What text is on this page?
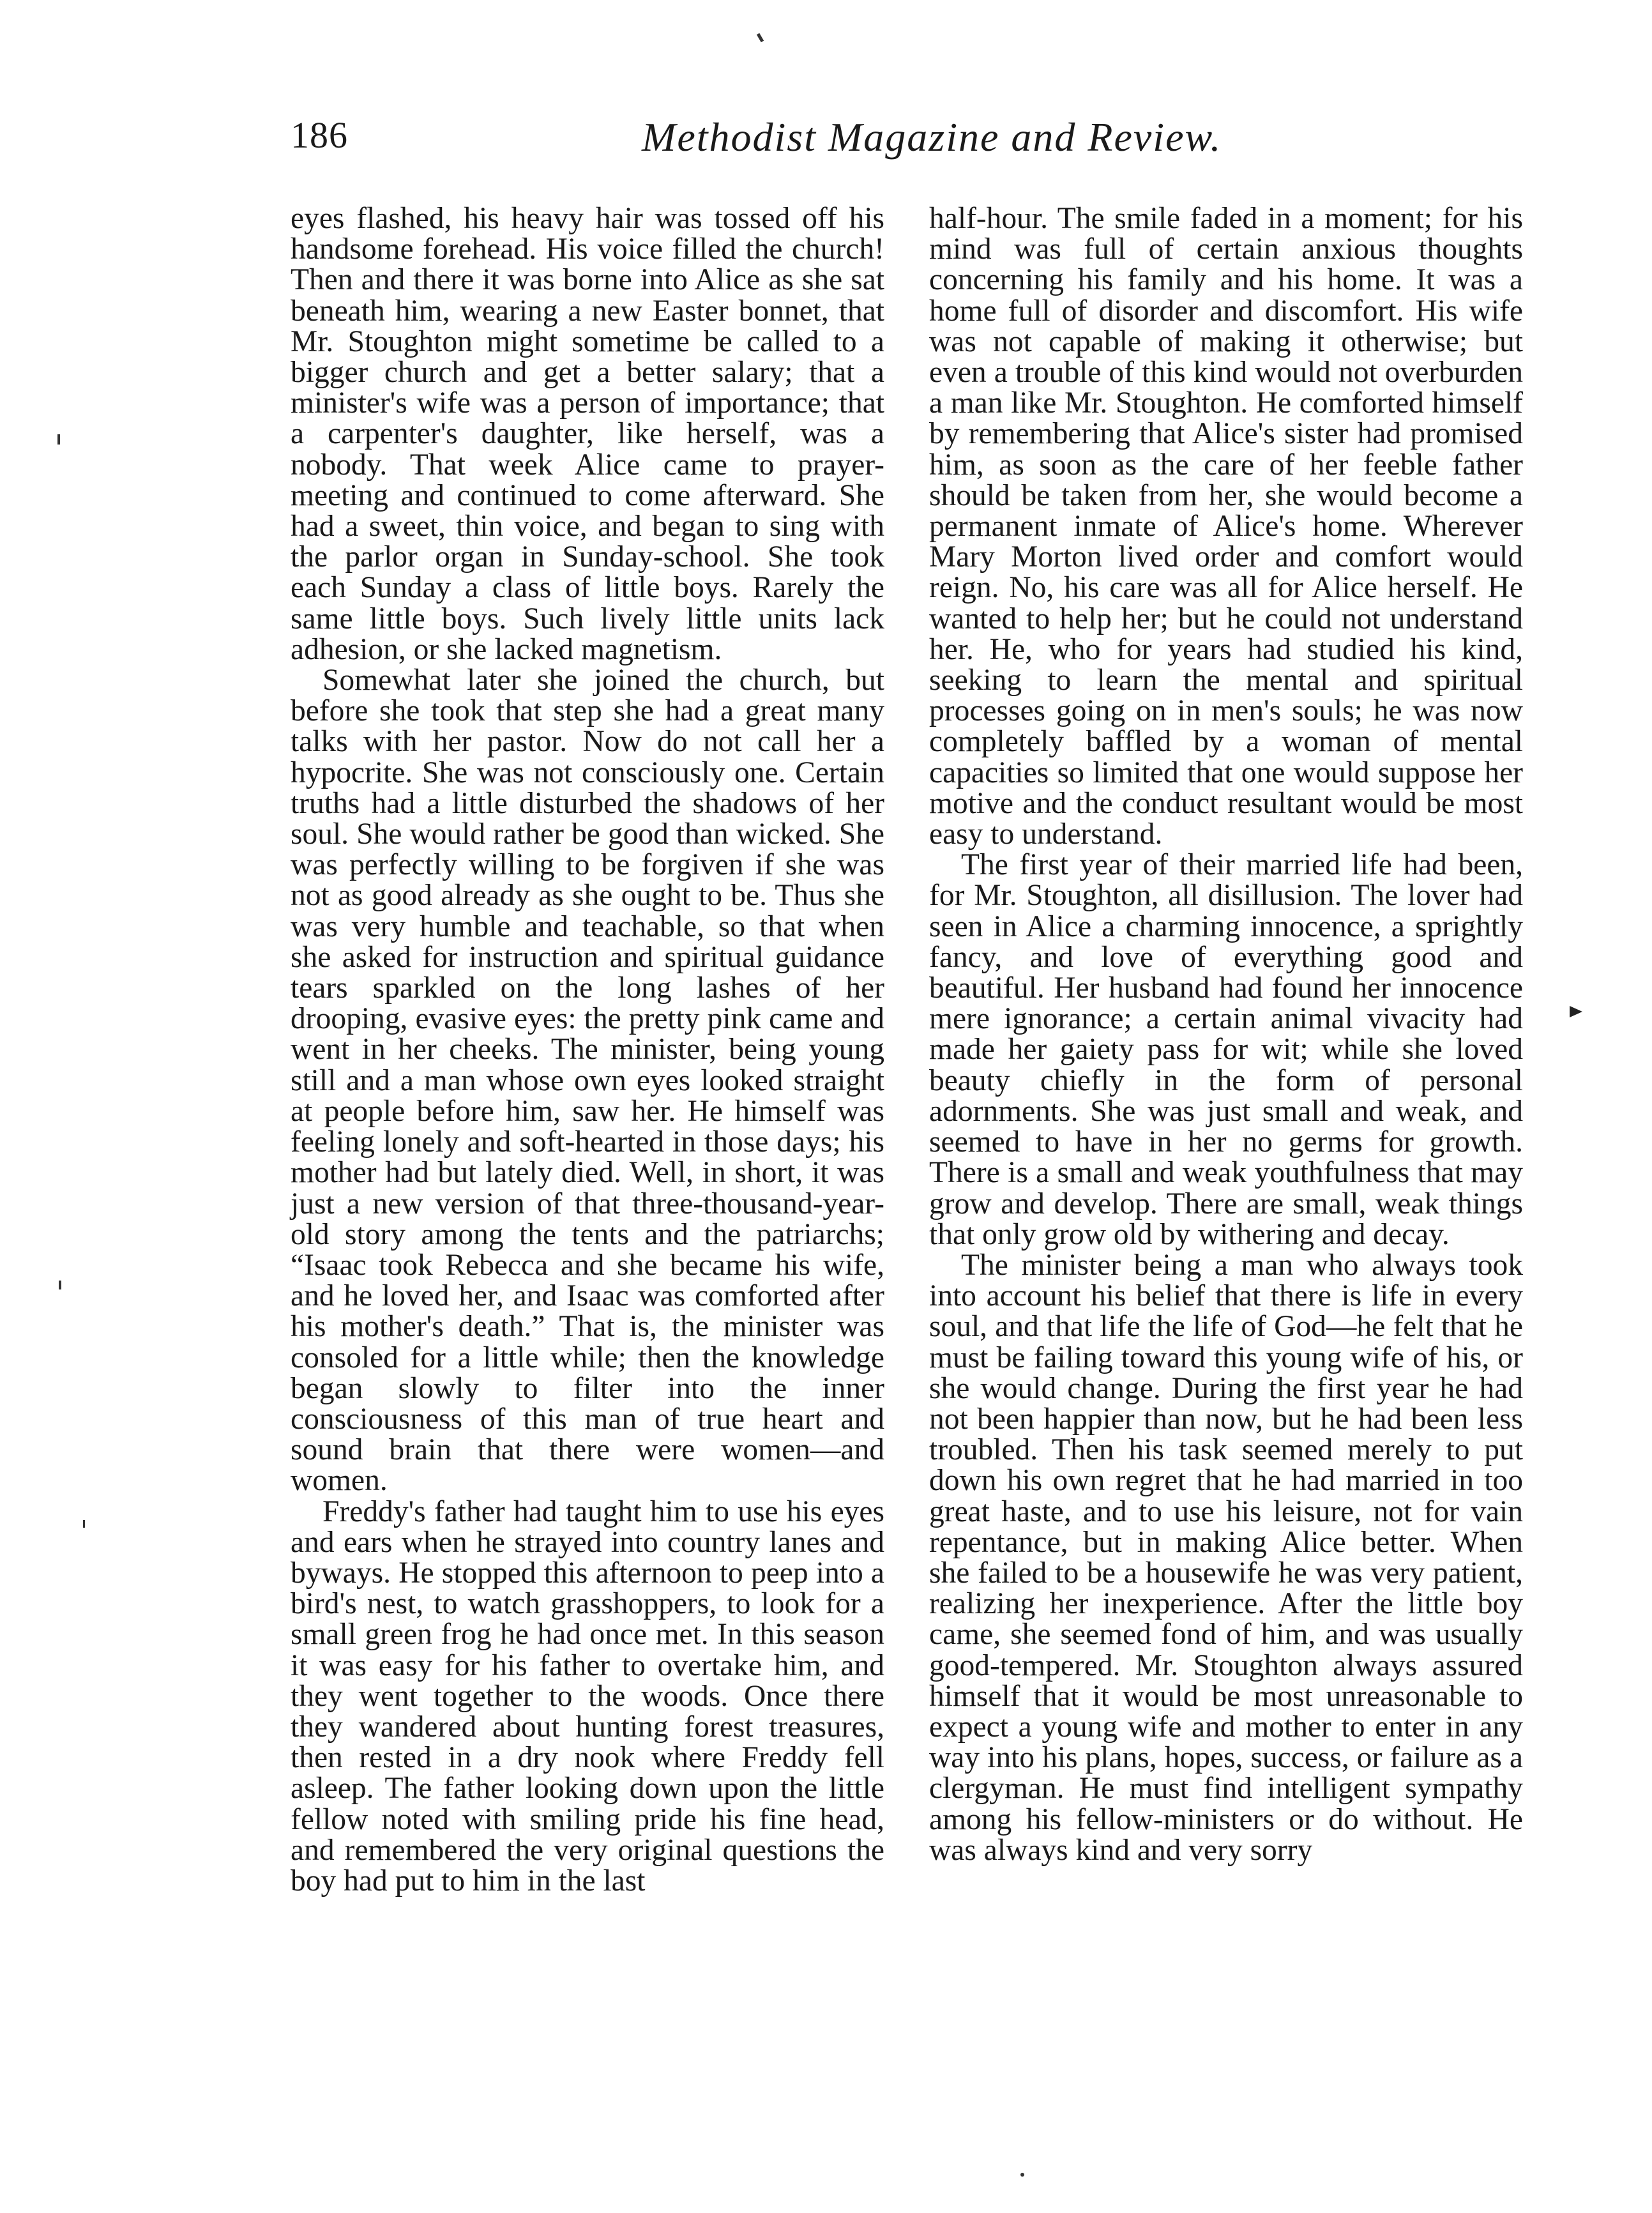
186	Methodist Magazine and Review.

eyes flashed, his heavy hair was tossed off his handsome forehead. His voice filled the church! Then and there it was borne into Alice as she sat beneath him, wearing a new Easter bonnet, that Mr. Stoughton might sometime be called to a bigger church and get a better salary; that a minister's wife was a person of importance; that a carpenter's daughter, like herself, was a nobody. That week Alice came to prayer-meeting and continued to come afterward. She had a sweet, thin voice, and began to sing with the parlor organ in Sunday-school. She took each Sunday a class of little boys. Rarely the same little boys. Such lively little units lack adhesion, or she lacked magnetism.

Somewhat later she joined the church, but before she took that step she had a great many talks with her pastor. Now do not call her a hypocrite. She was not consciously one. Certain truths had a little disturbed the shadows of her soul. She would rather be good than wicked. She was perfectly willing to be forgiven if she was not as good already as she ought to be. Thus she was very humble and teachable, so that when she asked for instruction and spiritual guidance tears sparkled on the long lashes of her drooping, evasive eyes: the pretty pink came and went in her cheeks. The minister, being young still and a man whose own eyes looked straight at people before him, saw her. He himself was feeling lonely and soft-hearted in those days; his mother had but lately died. Well, in short, it was just a new version of that three-thousand-year-old story among the tents and the patriarchs; “Isaac took Rebecca and she became his wife, and he loved her, and Isaac was comforted after his mother's death.” That is, the minister was consoled for a little while; then the knowledge began slowly to filter into the inner consciousness of this man of true heart and sound brain that there were women—and women.

Freddy's father had taught him to use his eyes and ears when he strayed into country lanes and byways. He stopped this afternoon to peep into a bird's nest, to watch grasshoppers, to look for a small green frog he had once met. In this season it was easy for his father to overtake him, and they went together to the woods. Once there they wandered about hunting forest treasures, then rested in a dry nook where Freddy fell asleep. The father looking down upon the little fellow noted with smiling pride his fine head, and remembered the very original questions the boy had put to him in the last

half-hour. The smile faded in a moment; for his mind was full of certain anxious thoughts concerning his family and his home. It was a home full of disorder and discomfort. His wife was not capable of making it otherwise; but even a trouble of this kind would not overburden a man like Mr. Stoughton. He comforted himself by remembering that Alice's sister had promised him, as soon as the care of her feeble father should be taken from her, she would become a permanent inmate of Alice's home. Wherever Mary Morton lived order and comfort would reign. No, his care was all for Alice herself. He wanted to help her; but he could not understand her. He, who for years had studied his kind, seeking to learn the mental and spiritual processes going on in men's souls; he was now completely baffled by a woman of mental capacities so limited that one would suppose her motive and the conduct resultant would be most easy to understand.

The first year of their married life had been, for Mr. Stoughton, all disillusion. The lover had seen in Alice a charming innocence, a sprightly fancy, and love of everything good and beautiful. Her husband had found her innocence mere ignorance; a certain animal vivacity had made her gaiety pass for wit; while she loved beauty chiefly in the form of personal adornments. She was just small and weak, and seemed to have in her no germs for growth. There is a small and weak youthfulness that may grow and develop. There are small, weak things that only grow old by withering and decay.

The minister being a man who always took into account his belief that there is life in every soul, and that life the life of God—he felt that he must be failing toward this young wife of his, or she would change. During the first year he had not been happier than now, but he had been less troubled. Then his task seemed merely to put down his own regret that he had married in too great haste, and to use his leisure, not for vain repentance, but in making Alice better. When she failed to be a housewife he was very patient, realizing her inexperience. After the little boy came, she seemed fond of him, and was usually good-tempered. Mr. Stoughton always assured himself that it would be most unreasonable to expect a young wife and mother to enter in any way into his plans, hopes, success, or failure as a clergyman. He must find intelligent sympathy among his fellow-ministers or do without. He was always kind and very sorry
